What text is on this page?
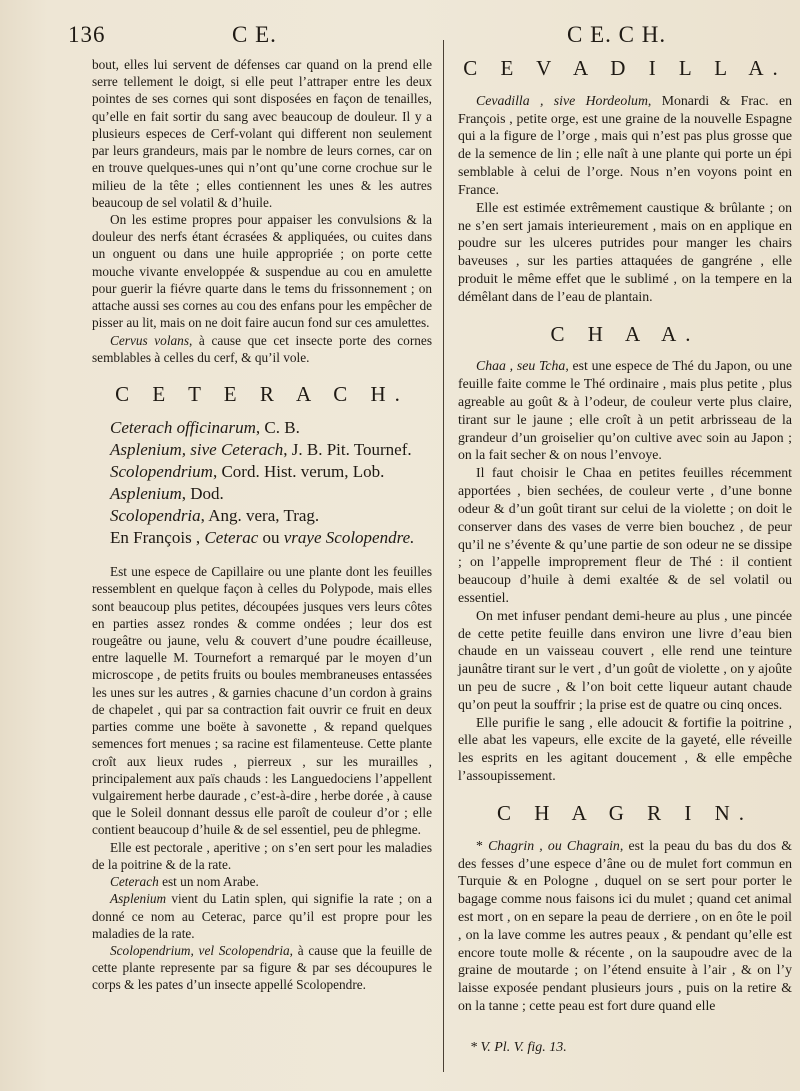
136	C E.	C E. C H.

bout, elles lui servent de défenses car quand on la prend elle serre tellement le doigt, si elle peut l’attraper entre les deux pointes de ses cornes qui sont disposées en façon de tenailles, qu’elle en fait sortir du sang avec beaucoup de douleur. Il y a plusieurs especes de Cerf-volant qui different non seulement par leurs grandeurs, mais par le nombre de leurs cornes, car on en trouve quelques-unes qui n’ont qu’une corne crochue sur le milieu de la tête ; elles contiennent les unes & les autres beaucoup de sel volatil & d’huile.

On les estime propres pour appaiser les convulsions & la douleur des nerfs étant écrasées & appliquées, ou cuites dans un onguent ou dans une huile appropriée ; on porte cette mouche vivante enveloppée & suspendue au cou en amulette pour guerir la fiévre quarte dans le tems du frissonnement ; on attache aussi ses cornes au cou des enfans pour les empêcher de pisser au lit, mais on ne doit faire aucun fond sur ces amulettes.

Cervus volans, à cause que cet insecte porte des cornes semblables à celles du cerf, & qu’il vole.

C E T E R A C H.

Ceterach officinarum, C. B.

Asplenium, sive Ceterach, J. B. Pit. Tournef.

Scolopendrium, Cord. Hist. verum, Lob.

Asplenium, Dod.

Scolopendria, Ang. vera, Trag.

En François , Ceterac ou vraye Scolopendre.

Est une espece de Capillaire ou une plante dont les feuilles ressemblent en quelque façon à celles du Polypode, mais elles sont beaucoup plus petites, découpées jusques vers leurs côtes en parties assez rondes & comme ondées ; leur dos est rougeâtre ou jaune, velu & couvert d’une poudre écailleuse, entre laquelle M. Tournefort a remarqué par le moyen d’un microscope , de petits fruits ou boules membraneuses entassées les unes sur les autres , & garnies chacune d’un cordon à grains de chapelet , qui par sa contraction fait ouvrir ce fruit en deux parties comme une boëte à savonette , & repand quelques semences fort menues ; sa racine est filamenteuse. Cette plante croît aux lieux rudes , pierreux , sur les murailles , principalement aux païs chauds : les Languedociens l’appellent vulgairement herbe daurade , c’est-à-dire , herbe dorée , à cause que le Soleil donnant dessus elle paroît de couleur d’or ; elle contient beaucoup d’huile & de sel essentiel, peu de phlegme.

Elle est pectorale , aperitive ; on s’en sert pour les maladies de la poitrine & de la rate.

Ceterach est un nom Arabe.

Asplenium vient du Latin splen, qui signifie la rate ; on a donné ce nom au Ceterac, parce qu’il est propre pour les maladies de la rate.

Scolopendrium, vel Scolopendria, à cause que la feuille de cette plante represente par sa figure & par ses découpures le corps & les pates d’un insecte appellé Scolopendre.

C E V A D I L L A.

Cevadilla , sive Hordeolum, Monardi & Frac. en François , petite orge, est une graine de la nouvelle Espagne qui a la figure de l’orge , mais qui n’est pas plus grosse que de la semence de lin ; elle naît à une plante qui porte un épi semblable à celui de l’orge. Nous n’en voyons point en France.

Elle est estimée extrêmement caustique & brûlante ; on ne s’en sert jamais interieurement , mais on en applique en poudre sur les ulceres putrides pour manger les chairs baveuses , sur les parties attaquées de gangréne , elle produit le même effet que le sublimé , on la tempere en la démêlant dans de l’eau de plantain.

C H A A.

Chaa , seu Tcha, est une espece de Thé du Japon, ou une feuille faite comme le Thé ordinaire , mais plus petite , plus agreable au goût & à l’odeur, de couleur verte plus claire, tirant sur le jaune ; elle croît à un petit arbrisseau de la grandeur d’un groiselier qu’on cultive avec soin au Japon ; on la fait secher & on nous l’envoye.

Il faut choisir le Chaa en petites feuilles récemment apportées , bien sechées, de couleur verte , d’une bonne odeur & d’un goût tirant sur celui de la violette ; on doit le conserver dans des vases de verre bien bouchez , de peur qu’il ne s’évente & qu’une partie de son odeur ne se dissipe ; on l’appelle improprement fleur de Thé : il contient beaucoup d’huile à demi exaltée & de sel volatil ou essentiel.

On met infuser pendant demi-heure au plus , une pincée de cette petite feuille dans environ une livre d’eau bien chaude en un vaisseau couvert , elle rend une teinture jaunâtre tirant sur le vert , d’un goût de violette , on y ajoûte un peu de sucre , & l’on boit cette liqueur autant chaude qu’on peut la souffrir ; la prise est de quatre ou cinq onces.

Elle purifie le sang , elle adoucit & fortifie la poitrine , elle abat les vapeurs, elle excite de la gayeté, elle réveille les esprits en les agitant doucement , & elle empêche l’assoupissement.

C H A G R I N.

* Chagrin , ou Chagrain, est la peau du bas du dos & des fesses d’une espece d’âne ou de mulet fort commun en Turquie & en Pologne , duquel on se sert pour porter le bagage comme nous faisons ici du mulet ; quand cet animal est mort , on en separe la peau de derriere , on en ôte le poil , on la lave comme les autres peaux , & pendant qu’elle est encore toute molle & récente , on la saupoudre avec de la graine de moutarde ; on l’étend ensuite à l’air , & on l’y laisse exposée pendant plusieurs jours , puis on la retire & on la tanne ; cette peau est fort dure quand elle

* V. Pl. V. fig. 13.
